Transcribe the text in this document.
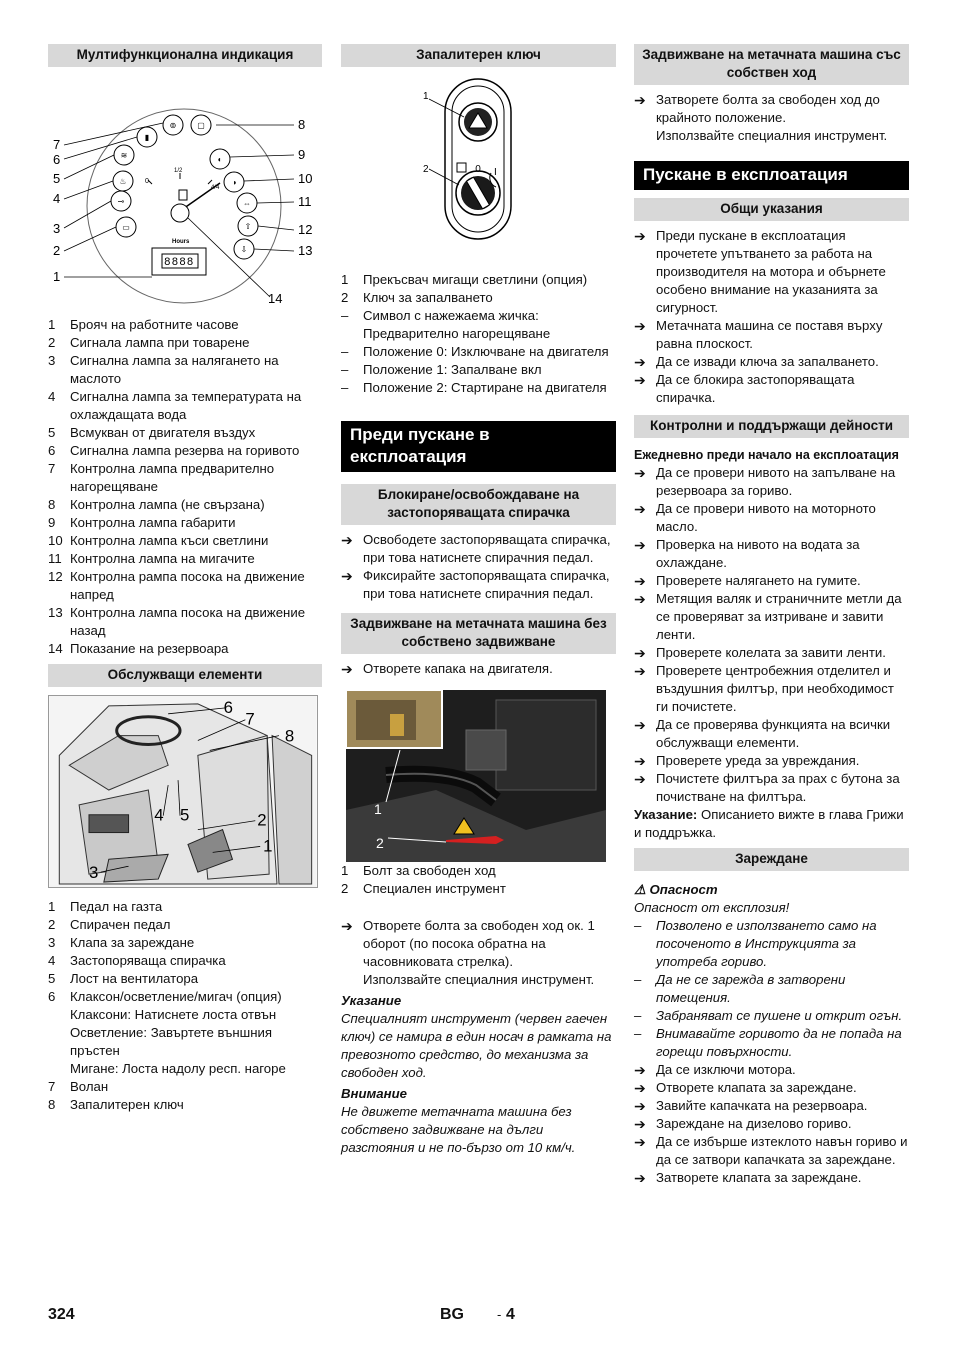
Мултифункционална индикация
0
1/2
4/4
Hours
8888
⊚
▮
≋
♨
⊸
▭
▢
◐
◑
⇔
⇧
⇩
7
6
5
4
3
2
1
8
9
10
11
12
13
14
1	Брояч на работните часове
2	Сигнала лампа при товарене
3	Сигнална лампа за налягането на маслото
4	Сигнална лампа за температурата на охлаждащата вода
5	Всмукван от двигателя въздух
6	Сигнална лампа резерва на горивото
7	Контролна лампа предварително нагорещяване
8	Контролна лампа (не свързана)
9	Контролна лампа габарити
10 Контролна лампа къси светлини
11 Контролна лампа на мигачите
12 Контролна рампа посока на движение напред
13 Контролна лампа посока на движение назад
14 Показание на резервоара
Обслужващи елементи
6
7
8
4 5	2
1
3
1	Педал на газта
2	Спирачен педал
3	Клапа за зареждане
4	Застопоряваща спирачка
5	Лост на вентилатора
6	Клаксон/осветление/мигач (опция)
Клаксони: Натиснете лоста отвън
Осветление: Завъртете външния пръстен
Мигане: Лоста надолу респ. нагоре
7	Волан
8	Запалитерен ключ
Запалитерен ключ
0 I
1
2
1	Прекъсвач мигащи светлини (опция)
2	Ключ за запалването
–	Символ с нажежаема жичка: Предварително нагорещяване
–	Положение 0: Изключване на двигателя
–	Положение 1: Запалване вкл
–	Положение 2: Стартиране на двигателя
Преди пускане в експлоатация
Блокиране/освобождаване на застопоряващата спирачка
➔ Освободете застопоряващата спирачка, при това натиснете спирачния педал.
➔ Фиксирайте застопоряващата спирачка, при това натиснете спирачния педал.
Задвижване на метачната машина без собствено задвижване
➔ Отворете капака на двигателя.
1
2
1	Болт за свободен ход
2	Специален инструмент
➔ Отворете болта за свободен ход ок. 1 оборот (по посока обратна на часовниковата стрелка).
Използвайте специалния инструмент.
Указание
Специалният инструмент (червен гаечен ключ) се намира в един носач в рамката на превозното средство, до механизма за свободен ход.
Внимание
Не движете метачната машина без собствено задвижване на дълги разстояния и не по-бързо от 10 км/ч.
Задвижване на метачната машина със собствен ход
➔ Затворете болта за свободен ход до крайното положение.
Използвайте специалния инструмент.
Пускане в експлоатация
Общи указания
➔ Преди пускане в експлоатация прочетете упътването за работа на производителя на мотора и обърнете особено внимание на указанията за сигурност.
➔ Метачната машина се поставя върху равна плоскост.
➔ Да се извади ключа за запалването.
➔ Да се блокира застопоряващата спирачка.
Контролни и поддържащи дейности
Ежедневно преди начало на експлоатация
➔ Да се провери нивото на запълване на резервоара за гориво.
➔ Да се провери нивото на моторното масло.
➔ Проверка на нивото на водата за охлаждане.
➔ Проверете налягането на гумите.
➔ Метящия валяк и страничните метли да се проверяват за изтриване и завити ленти.
➔ Проверете колелата за завити ленти.
➔ Проверете центробежния отделител и въздушния филтър, при необходимост ги почистете.
➔ Да се проверява функцията на всички обслужващи елементи.
➔ Проверете уреда за увреждания.
➔ Почистете филтъра за прах с бутона за почистване на филтъра.
Указание: Описанието вижте в глава Грижи и поддръжка.
Зареждане
⚠ Опасност
Опасност от експлозия!
–	Позволено е използването само на посоченото в Инструкцията за употреба гориво.
–	Да не се зарежда в затворени помещения.
–	Забраняват се пушене и открит огън.
–	Внимавайте горивото да не попада на горещи повърхности.
➔ Да се изключи мотора.
➔ Отворете клапата за зареждане.
➔ Завийте капачката на резервоара.
➔ Зареждане на дизелово гориво.
➔ Да се избърше изтеклото навън гориво и да се затвори капачката за зареждане.
➔ Затворете клапата за зареждане.
324	BG	- 4
